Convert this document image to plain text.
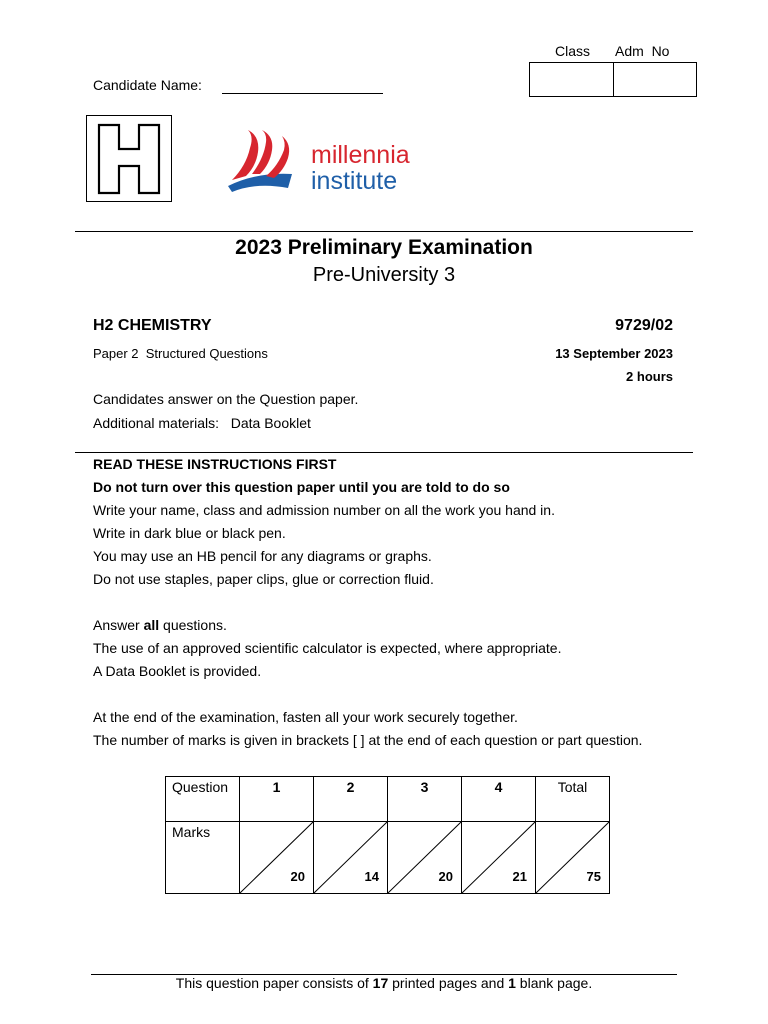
Class Adm  No
Candidate Name:
millennia
institute
2023 Preliminary Examination
Pre-University 3
H2 CHEMISTRY	9729/02
Paper 2  Structured Questions	13 September 2023
2 hours
Candidates answer on the Question paper.
Additional materials:   Data Booklet
READ THESE INSTRUCTIONS FIRST
Do not turn over this question paper until you are told to do so
Write your name, class and admission number on all the work you hand in.
Write in dark blue or black pen.
You may use an HB pencil for any diagrams or graphs.
Do not use staples, paper clips, glue or correction fluid.

Answer all questions.
The use of an approved scientific calculator is expected, where appropriate.
A Data Booklet is provided.

At the end of the examination, fasten all your work securely together.
The number of marks is given in brackets [ ] at the end of each question or part question.
Question	1	2	3	4	Total

Marks	20	14	20	21	75
This question paper consists of 17 printed pages and 1 blank page.
